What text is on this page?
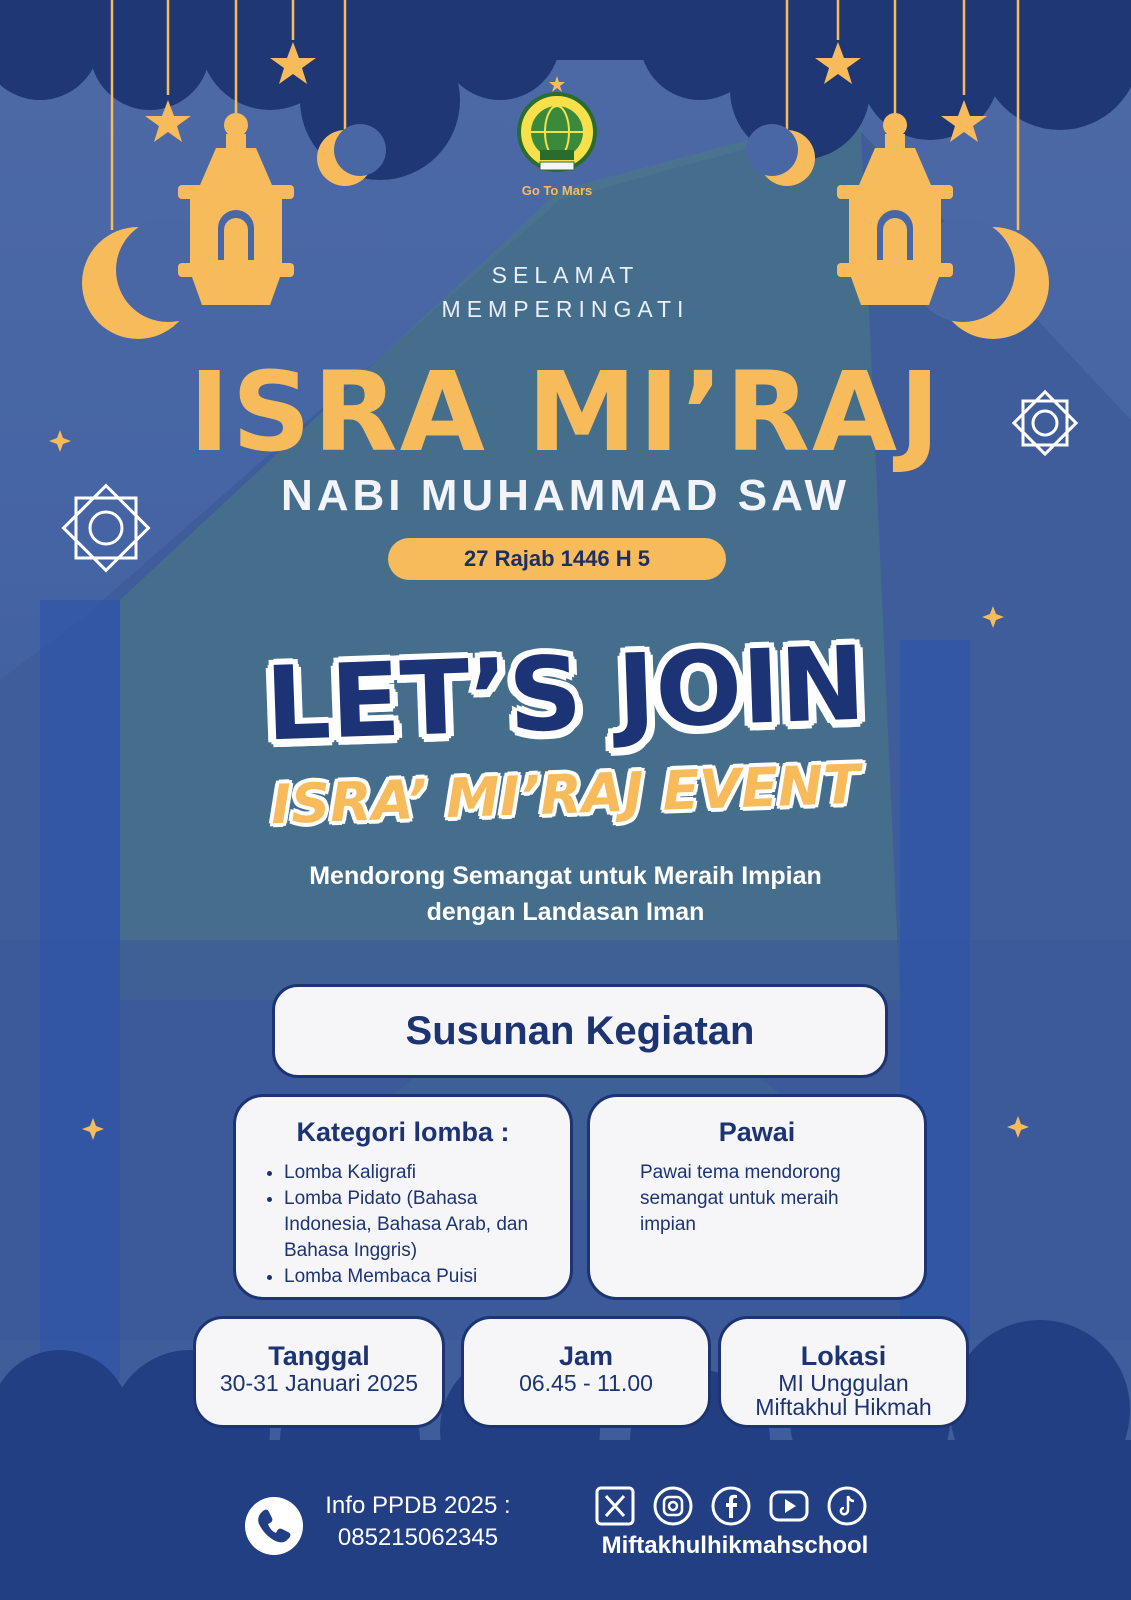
Go To Mars
SELAMAT
MEMPERINGATI
ISRA MI’RAJ
NABI MUHAMMAD SAW
27 Rajab 1446 H 5
LET’S JOIN
ISRA’ MI’RAJ EVENT
Mendorong Semangat untuk Meraih Impian
dengan Landasan Iman
Susunan Kegiatan
Kategori lomba :
• Lomba Kaligrafi
• Lomba Pidato (Bahasa Indonesia, Bahasa Arab, dan Bahasa Inggris)
• Lomba Membaca Puisi
Pawai

Pawai tema mendorong semangat untuk meraih impian

Tanggal
30-31 Januari 2025
Jam
06.45 - 11.00
Lokasi
MI Unggulan
Miftakhul Hikmah
Info PPDB 2025 :
085215062345	Miftakhulhikmahschool
